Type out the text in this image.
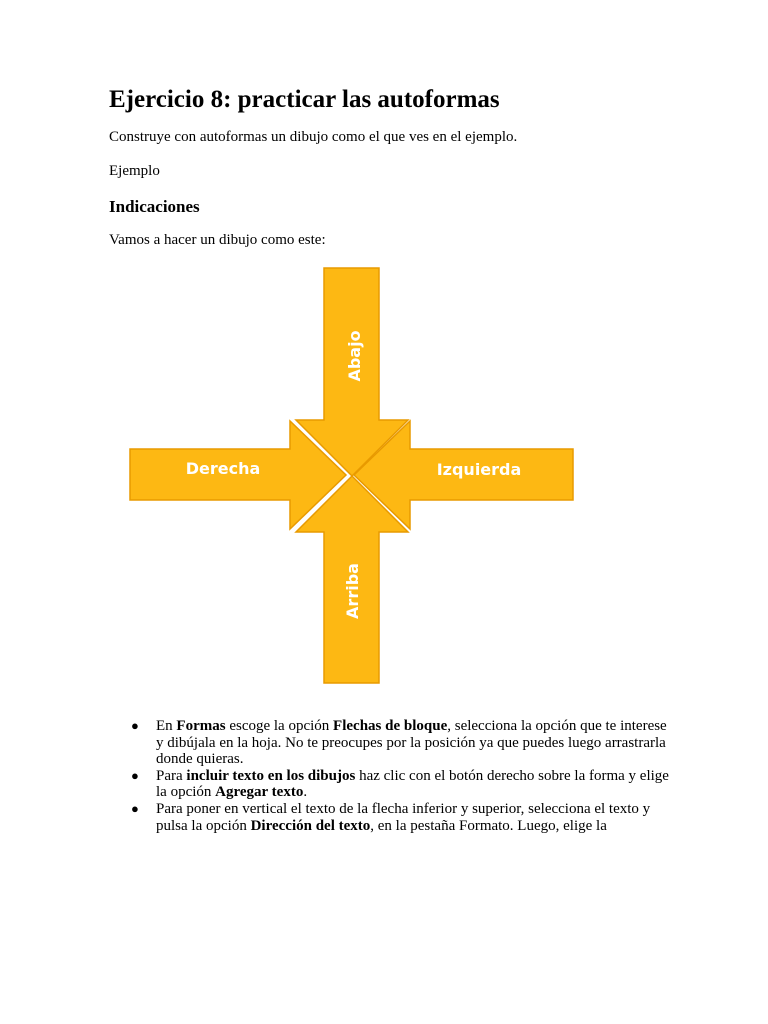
Ejercicio 8: practicar las autoformas

Construye con autoformas un dibujo como el que ves en el ejemplo.

Ejemplo

Indicaciones

Vamos a hacer un dibujo como este:

Abajo
Arriba
Derecha	Izquierda
● En Formas escoge la opción Flechas de bloque, selecciona la opción que te interese y dibújala en la hoja. No te preocupes por la posición ya que puedes luego arrastrarla donde quieras.
● Para incluir texto en los dibujos haz clic con el botón derecho sobre la forma y elige la opción Agregar texto.
● Para poner en vertical el texto de la flecha inferior y superior, selecciona el texto y pulsa la opción Dirección del texto, en la pestaña Formato. Luego, elige la
